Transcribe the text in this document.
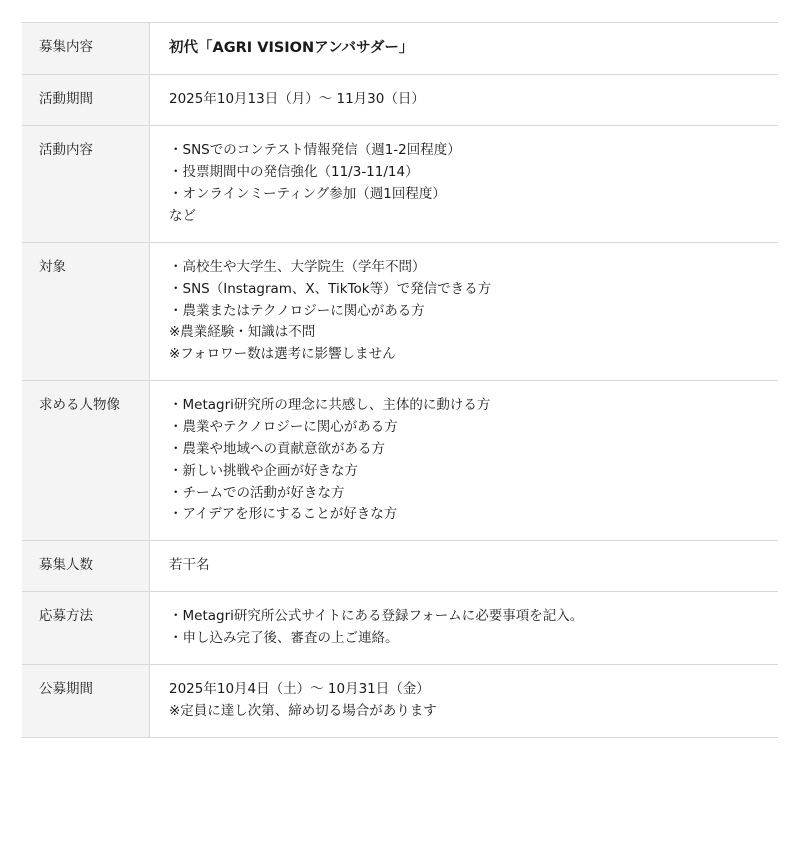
募集内容	初代「AGRI VISIONアンバサダー」

活動期間	2025年10月13日（月）～ 11月30（日）

活動内容	・SNSでのコンテスト情報発信（週1-2回程度）
・投票期間中の発信強化（11/3-11/14）
・オンラインミーティング参加（週1回程度）
など

対象	・高校生や大学生、大学院生（学年不問）
・SNS（Instagram、X、TikTok等）で発信できる方
・農業またはテクノロジーに関心がある方
※農業経験・知識は不問
※フォロワー数は選考に影響しません

求める人物像	・Metagri研究所の理念に共感し、主体的に動ける方
・農業やテクノロジーに関心がある方
・農業や地域への貢献意欲がある方
・新しい挑戦や企画が好きな方
・チームでの活動が好きな方
・アイデアを形にすることが好きな方

募集人数	若干名

応募方法	・Metagri研究所公式サイトにある登録フォームに必要事項を記入。
・申し込み完了後、審査の上ご連絡。

公募期間	2025年10月4日（土）～ 10月31日（金）
※定員に達し次第、締め切る場合があります
